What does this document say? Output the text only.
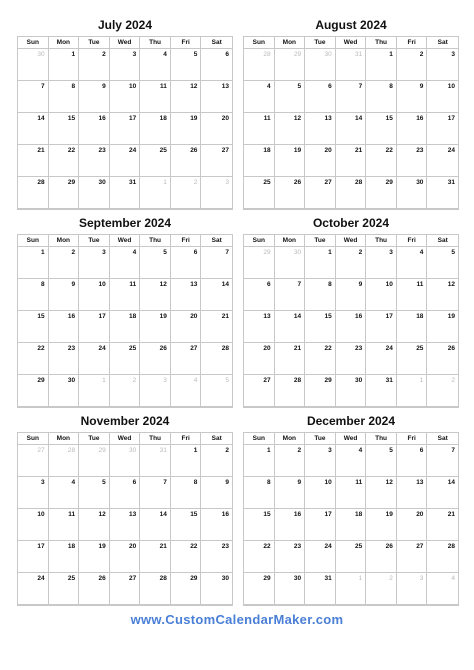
July 2024
Sun	Mon	Tue	Wed	Thu	Fri	Sat
30	1	2	3	4	5	6
7	8	9	10	11	12	13
14	15	16	17	18	19	20
21	22	23	24	25	26	27
28	29	30	31	1	2	3
August 2024
Sun	Mon	Tue	Wed	Thu	Fri	Sat
28	29	30	31	1	2	3
4	5	6	7	8	9	10
11	12	13	14	15	16	17
18	19	20	21	22	23	24
25	26	27	28	29	30	31
September 2024
Sun	Mon	Tue	Wed	Thu	Fri	Sat
1	2	3	4	5	6	7
8	9	10	11	12	13	14
15	16	17	18	19	20	21
22	23	24	25	26	27	28
29	30	1	2	3	4	5
October 2024
Sun	Mon	Tue	Wed	Thu	Fri	Sat
29	30	1	2	3	4	5
6	7	8	9	10	11	12
13	14	15	16	17	18	19
20	21	22	23	24	25	26
27	28	29	30	31	1	2
November 2024
Sun	Mon	Tue	Wed	Thu	Fri	Sat
27	28	29	30	31	1	2
3	4	5	6	7	8	9
10	11	12	13	14	15	16
17	18	19	20	21	22	23
24	25	26	27	28	29	30
December 2024
Sun	Mon	Tue	Wed	Thu	Fri	Sat
1	2	3	4	5	6	7
8	9	10	11	12	13	14
15	16	17	18	19	20	21
22	23	24	25	26	27	28
29	30	31	1	2	3	4
www.CustomCalendarMaker.com
